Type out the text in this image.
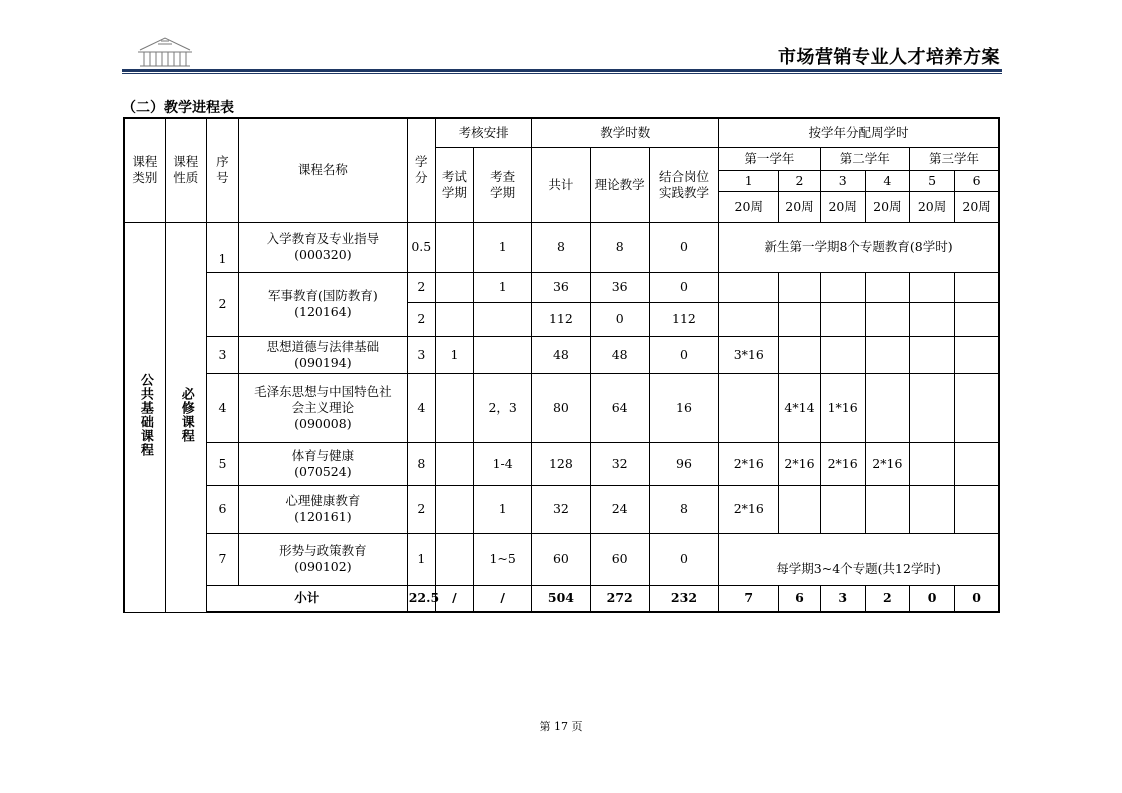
市场营销专业人才培养方案
（二）教学进程表
课程类别	课程性质	序号	课程名称	学分	考核安排		教学时数			按学年分配周学时					
					考试学期	考查学期	共计	理论教学	结合岗位实践教学	第一学年		第二学年		第三学年	
										1	2	3	4	5	6
										20周	20周	20周	20周	20周	20周
公共基础课程	必修课程	1	入学教育及专业指导
(000320)	0.5		1	8	8	0	新生第一学期8个专题教育(8学时)					
		2	军事教育(国防教育)
(120164)	2		1	36	36	0						
				2			112	0	112						
		3	思想道德与法律基础
(090194)	3	1		48	48	0	3*16					
		4	毛泽东思想与中国特色社会主义理论
(090008)	4		2，3	80	64	16		4*14	1*16			
		5	体育与健康
(070524)	8		1-4	128	32	96	2*16	2*16	2*16	2*16		
		6	心理健康教育
(120161)	2		1	32	24	8	2*16					
		7	形势与政策教育
(090102)	1		1~5	60	60	0	每学期3~4个专题(共12学时)					
		小计		22.5	/	/	504	272	232	7	6	3	2	0	0
第 17 页
